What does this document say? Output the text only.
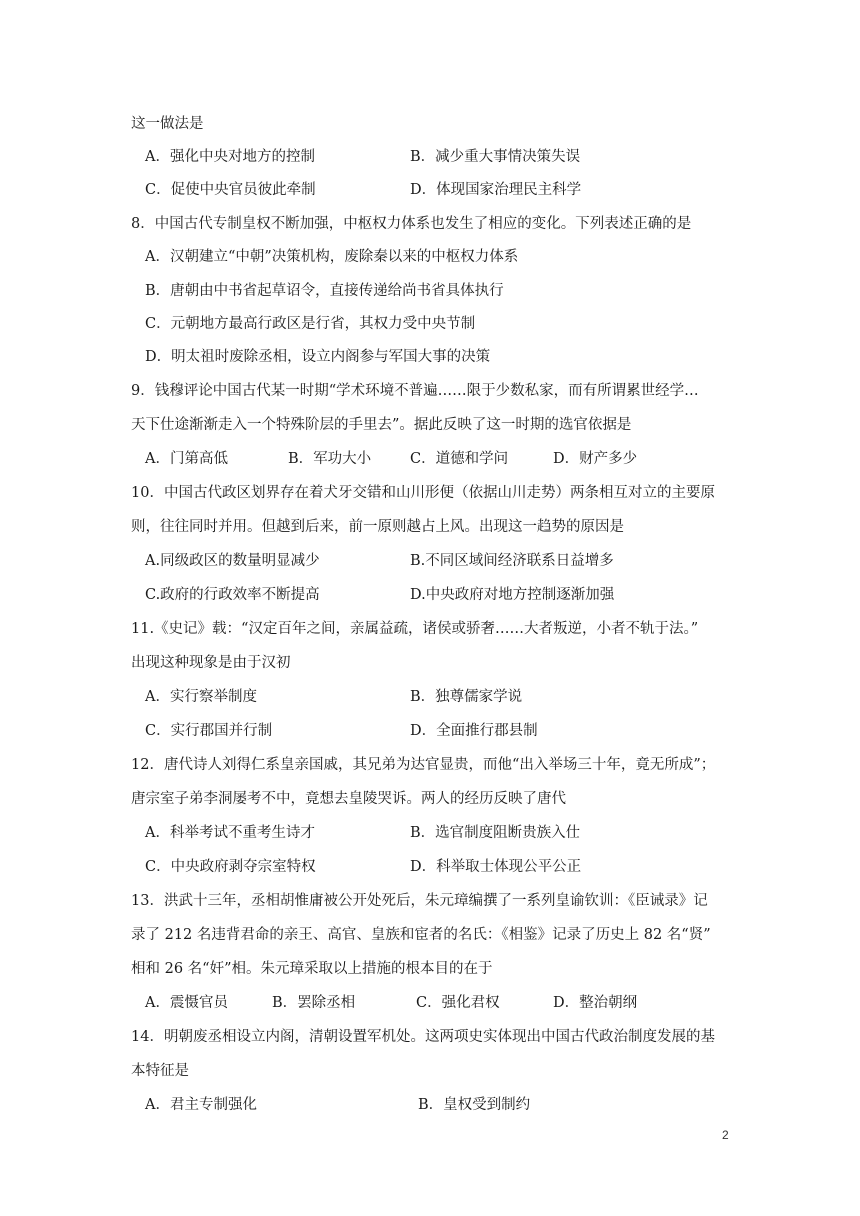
这一做法是
A．强化中央对地方的控制	B．减少重大事情决策失误
C．促使中央官员彼此牵制	D．体现国家治理民主科学
8．中国古代专制皇权不断加强，中枢权力体系也发生了相应的变化。下列表述正确的是
A．汉朝建立“中朝”决策机构，废除秦以来的中枢权力体系
B．唐朝由中书省起草诏令，直接传递给尚书省具体执行
C．元朝地方最高行政区是行省，其权力受中央节制
D．明太祖时废除丞相，设立内阁参与军国大事的决策
9．钱穆评论中国古代某一时期“学术环境不普遍……限于少数私家，而有所谓累世经学…
天下仕途渐渐走入一个特殊阶层的手里去”。据此反映了这一时期的选官依据是
A．门第高低	B．军功大小	C．道德和学问	D．财产多少
10．中国古代政区划界存在着犬牙交错和山川形便（依据山川走势）两条相互对立的主要原
则，往往同时并用。但越到后来，前一原则越占上风。出现这一趋势的原因是
A.同级政区的数量明显减少	B.不同区域间经济联系日益增多
C.政府的行政效率不断提高	D.中央政府对地方控制逐渐加强
11.《史记》载：“汉定百年之间，亲属益疏，诸侯或骄奢……大者叛逆，小者不轨于法。”
出现这种现象是由于汉初
A．实行察举制度	B．独尊儒家学说
C．实行郡国并行制	D．全面推行郡县制
12．唐代诗人刘得仁系皇亲国戚，其兄弟为达官显贵，而他“出入举场三十年，竟无所成”；
唐宗室子弟李洞屡考不中，竟想去皇陵哭诉。两人的经历反映了唐代
A．科举考试不重考生诗才	B．选官制度阻断贵族入仕
C．中央政府剥夺宗室特权	D．科举取士体现公平公正
13．洪武十三年，丞相胡惟庸被公开处死后，朱元璋编撰了一系列皇谕钦训：《臣诫录》记
录了 212 名违背君命的亲王、高官、皇族和宦者的名氏：《相鉴》记录了历史上 82 名“贤”
相和 26 名“奸”相。朱元璋采取以上措施的根本目的在于
A．震慑官员	B．罢除丞相	C．强化君权	D．整治朝纲
14．明朝废丞相设立内阁，清朝设置军机处。这两项史实体现出中国古代政治制度发展的基
本特征是
A．君主专制强化	B．皇权受到制约
2
